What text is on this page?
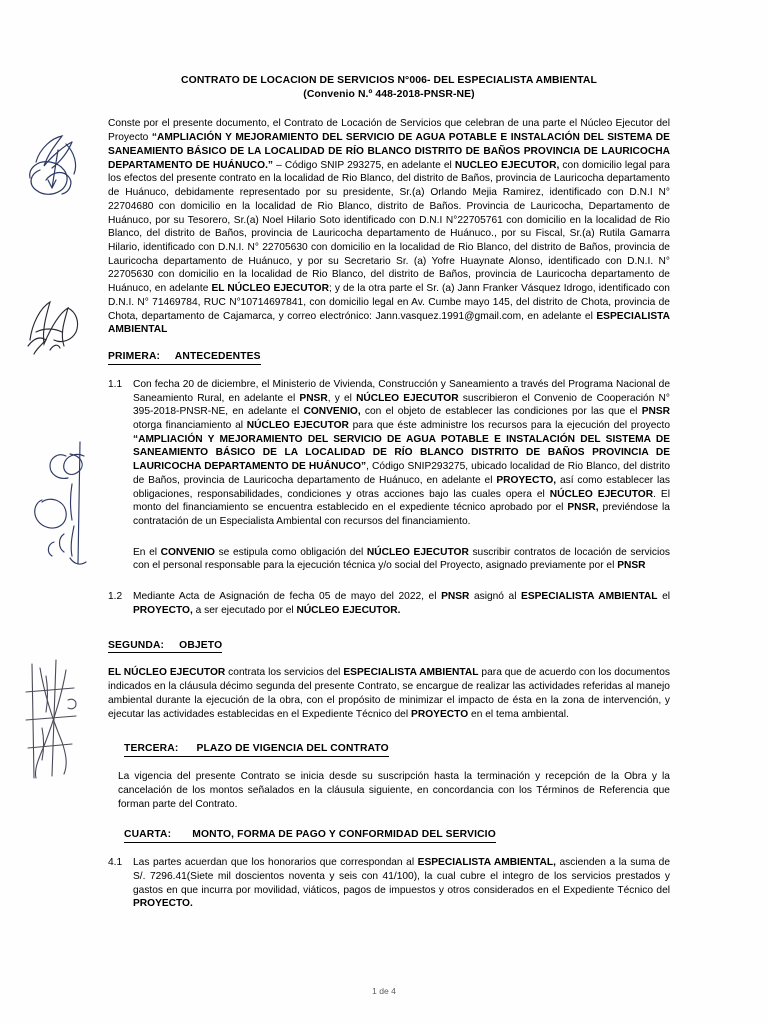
CONTRATO DE LOCACION DE SERVICIOS N°006- DEL ESPECIALISTA AMBIENTAL
(Convenio N.º 448-2018-PNSR-NE)

Conste por el presente documento, el Contrato de Locación de Servicios que celebran de una parte el Núcleo Ejecutor del Proyecto “AMPLIACIÓN Y MEJORAMIENTO DEL SERVICIO DE AGUA POTABLE E INSTALACIÓN DEL SISTEMA DE SANEAMIENTO BÁSICO DE LA LOCALIDAD DE RÍO BLANCO DISTRITO DE BAÑOS PROVINCIA DE LAURICOCHA DEPARTAMENTO DE HUÁNUCO.” – Código SNIP 293275, en adelante el NUCLEO EJECUTOR, con domicilio legal para los efectos del presente contrato en la localidad de Rio Blanco, del distrito de Baños, provincia de Lauricocha departamento de Huánuco, debidamente representado por su presidente, Sr.(a) Orlando Mejia Ramirez, identificado con D.N.I N° 22704680 con domicilio en la localidad de Rio Blanco, distrito de Baños. Provincia de Lauricocha, Departamento de Huánuco, por su Tesorero, Sr.(a) Noel Hilario Soto identificado con D.N.I N°22705761 con domicilio en la localidad de Rio Blanco, del distrito de Baños, provincia de Lauricocha departamento de Huánuco., por su Fiscal, Sr.(a) Rutila Gamarra Hilario, identificado con D.N.I. N° 22705630 con domicilio en la localidad de Rio Blanco, del distrito de Baños, provincia de Lauricocha departamento de Huánuco, y por su Secretario Sr. (a) Yofre Huaynate Alonso, identificado con D.N.I. N° 22705630 con domicilio en la localidad de Rio Blanco, del distrito de Baños, provincia de Lauricocha departamento de Huánuco, en adelante EL NÚCLEO EJECUTOR; y de la otra parte el Sr. (a) Jann Franker Vásquez Idrogo, identificado con D.N.I. N° 71469784, RUC N°10714697841, con domicilio legal en Av. Cumbe mayo 145, del distrito de Chota, provincia de Chota, departamento de Cajamarca, y correo electrónico: Jann.vasquez.1991@gmail.com, en adelante el ESPECIALISTA AMBIENTAL

PRIMERA:     ANTECEDENTES
1.1	Con fecha 20 de diciembre, el Ministerio de Vivienda, Construcción y Saneamiento a través del Programa Nacional de Saneamiento Rural, en adelante el PNSR, y el NÚCLEO EJECUTOR suscribieron el Convenio de Cooperación N° 395-2018-PNSR-NE, en adelante el CONVENIO, con el objeto de establecer las condiciones por las que el PNSR otorga financiamiento al NÚCLEO EJECUTOR para que éste administre los recursos para la ejecución del proyecto “AMPLIACIÓN Y MEJORAMIENTO DEL SERVICIO DE AGUA POTABLE E INSTALACIÓN DEL SISTEMA DE SANEAMIENTO BÁSICO DE LA LOCALIDAD DE RÍO BLANCO DISTRITO DE BAÑOS PROVINCIA DE LAURICOCHA DEPARTAMENTO DE HUÁNUCO”, Código SNIP293275, ubicado localidad de Rio Blanco, del distrito de Baños, provincia de Lauricocha departamento de Huánuco, en adelante el PROYECTO, así como establecer las obligaciones, responsabilidades, condiciones y otras acciones bajo las cuales opera el NÚCLEO EJECUTOR. El monto del financiamiento se encuentra establecido en el expediente técnico aprobado por el PNSR, previéndose la contratación de un Especialista Ambiental con recursos del financiamiento.
En el CONVENIO se estipula como obligación del NÚCLEO EJECUTOR suscribir contratos de locación de servicios con el personal responsable para la ejecución técnica y/o social del Proyecto, asignado previamente por el PNSR
1.2	Mediante Acta de Asignación de fecha 05 de mayo del 2022, el PNSR asignó al ESPECIALISTA AMBIENTAL el PROYECTO, a ser ejecutado por el NÚCLEO EJECUTOR.
SEGUNDA:     OBJETO

EL NÚCLEO EJECUTOR contrata los servicios del ESPECIALISTA AMBIENTAL para que de acuerdo con los documentos indicados en la cláusula décimo segunda del presente Contrato, se encargue de realizar las actividades referidas al manejo ambiental durante la ejecución de la obra, con el propósito de minimizar el impacto de ésta en la zona de intervención, y ejecutar las actividades establecidas en el Expediente Técnico del PROYECTO en el tema ambiental.

TERCERA:      PLAZO DE VIGENCIA DEL CONTRATO

La vigencia del presente Contrato se inicia desde su suscripción hasta la terminación y recepción de la Obra y la cancelación de los montos señalados en la cláusula siguiente, en concordancia con los Términos de Referencia que forman parte del Contrato.

CUARTA:       MONTO, FORMA DE PAGO Y CONFORMIDAD DEL SERVICIO
4.1	Las partes acuerdan que los honorarios que correspondan al ESPECIALISTA AMBIENTAL, ascienden a la suma de S/. 7296.41(Siete mil doscientos noventa y seis con 41/100), la cual cubre el integro de los servicios prestados y gastos en que incurra por movilidad, viáticos, pagos de impuestos y otros considerados en el Expediente Técnico del PROYECTO.
1 de 4
